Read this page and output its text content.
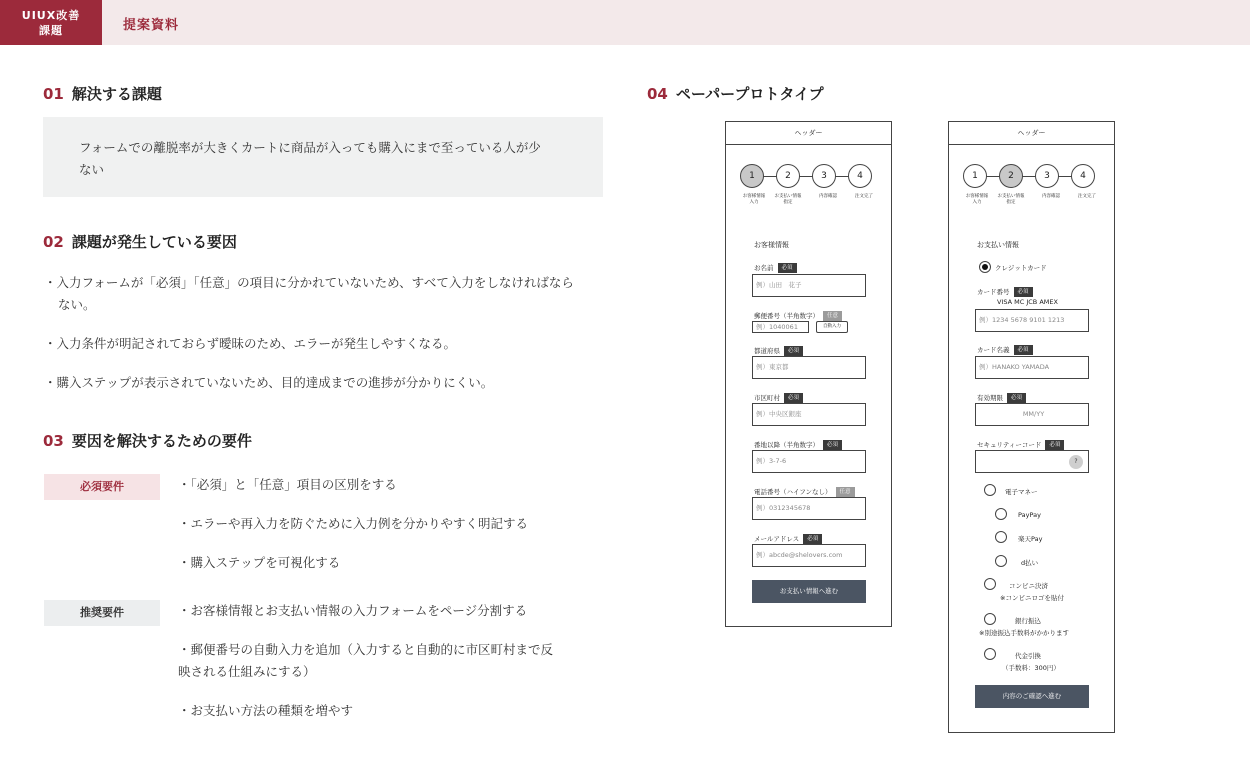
UIUX改善
課題	提案資料
01 解決する課題
フォームでの離脱率が大きくカートに商品が入っても購入にまで至っている人が少
ない
02 課題が発生している要因
・入力フォームが「必須」「任意」の項目に分かれていないため、すべて入力をしなければなら
ない。
・入力条件が明記されておらず曖昧のため、エラーが発生しやすくなる。
・購入ステップが表示されていないため、目的達成までの進捗が分かりにくい。
03 要因を解決するための要件
必須要件	・「必須」と「任意」項目の区別をする
・エラーや再入力を防ぐために入力例を分かりやすく明記する
・購入ステップを可視化する
推奨要件	・お客様情報とお支払い情報の入力フォームをページ分割する
・郵便番号の自動入力を追加（入力すると自動的に市区町村まで反
映される仕組みにする）
・お支払い方法の種類を増やす
04 ペーパープロトタイプ
ヘッダー
1	2	3	4
お客様情報
入力
お支払い情報
指定
内容確認	注文完了
お客様情報
お名前 必須
例）山田　花子
郵便番号（半角数字） 任意
例）1040061	自動入力
都道府県 必須
例）東京都
市区町村 必須
例）中央区銀座
番地以降（半角数字） 必須
例）3-7-6
電話番号（ハイフンなし） 任意
例）0312345678
メールアドレス 必須
例）abcde@shelovers.com
お支払い情報へ進む
ヘッダー
1	2	3	4
お客様情報
入力
お支払い情報
指定
内容確認	注文完了
お支払い情報
クレジットカード
カード番号 必須
VISA MC JCB AMEX
例）1234 5678 9101 1213
カード名義 必須
例）HANAKO YAMADA
有効期限 必須
MM/YY
セキュリティーコード 必須
?
電子マネー
PayPay
楽天Pay
d払い
コンビニ決済
※コンビニロゴを貼付
銀行振込
※別途振込手数料がかかります
代金引換
（手数料：300円）
内容のご確認へ進む
